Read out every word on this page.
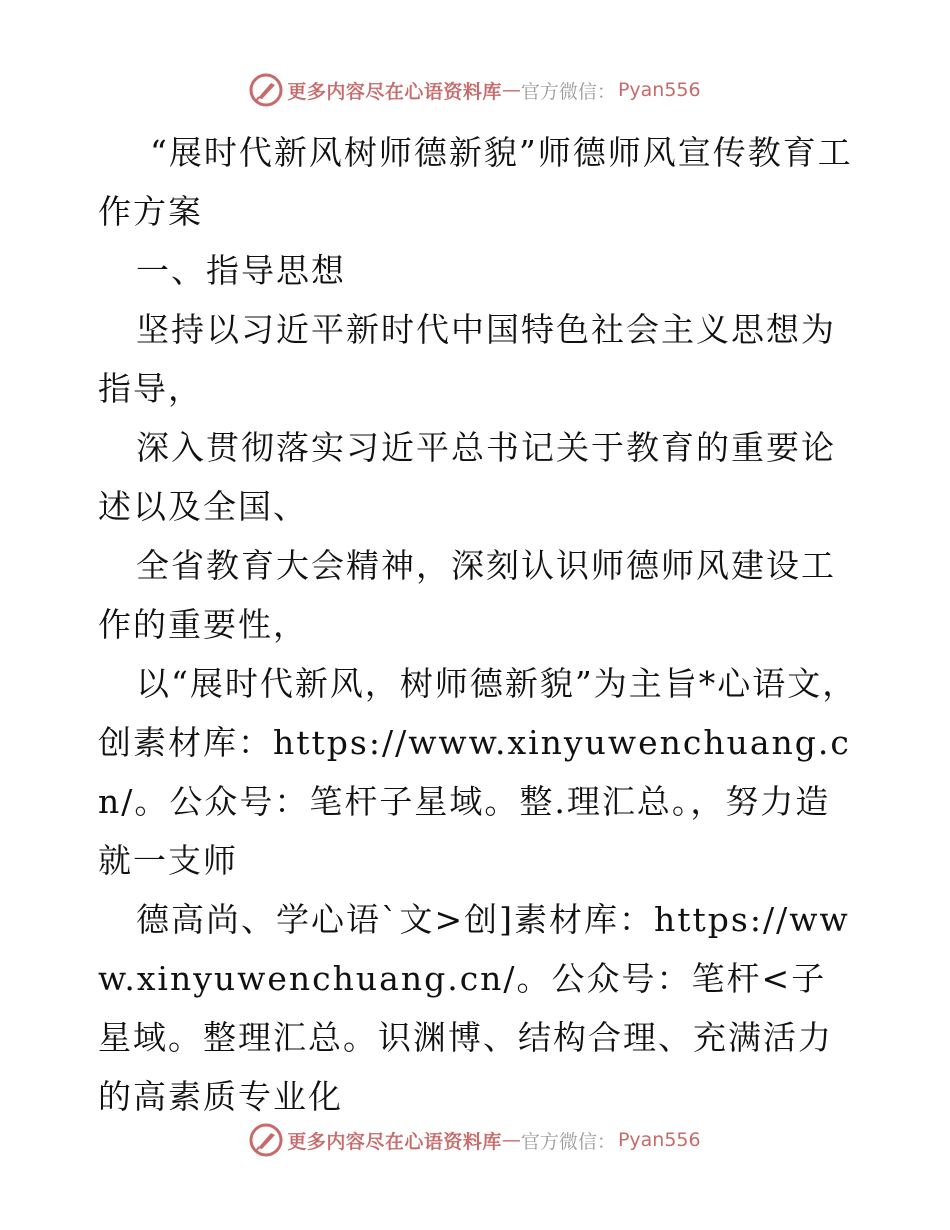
更多内容尽在心语资料库 — 官方微信： Pyan556

“展时代新风树师德新貌”师德师风宣传教育工作方案

一、指导思想

坚持以习近平新时代中国特色社会主义思想为指导，

深入贯彻落实习近平总书记关于教育的重要论述以及全国、

全省教育大会精神，深刻认识师德师风建设工作的重要性，

以“展时代新风，树师德新貌”为主旨*心语文，创素材库：https://www.xinyuwenchuang.cn/。公众号：笔杆子星域。整.理汇总。，努力造就一支师

德高尚、学心语`文>创]素材库：https://www.xinyuwenchuang.cn/。公众号：笔杆<子星域。整理汇总。识渊博、结构合理、充满活力的高素质专业化

更多内容尽在心语资料库 — 官方微信： Pyan556
